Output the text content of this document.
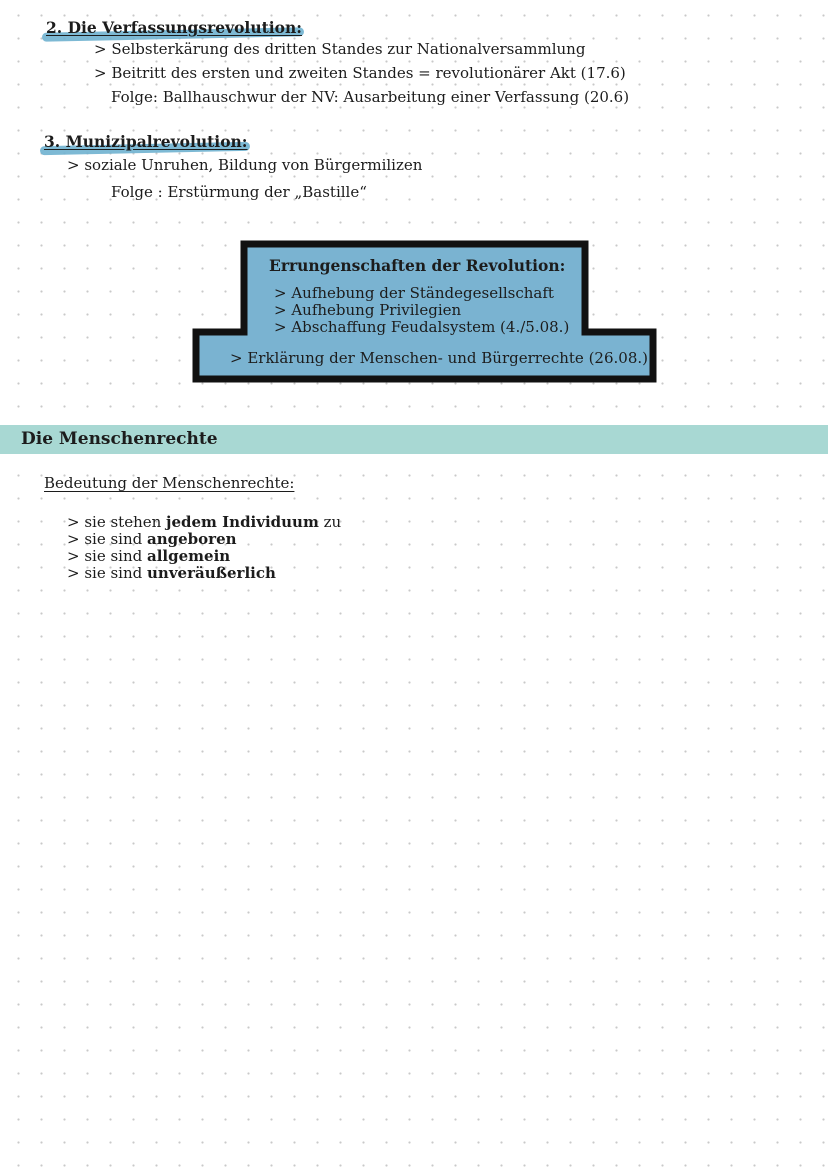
2. Die Verfassungsrevolution:
> Selbsterkärung des dritten Standes zur Nationalversammlung
> Beitritt des ersten und zweiten Standes = revolutionärer Akt (17.6)
Folge: Ballhauschwur der NV: Ausarbeitung einer Verfassung (20.6)
3. Munizipalrevolution:
> soziale Unruhen, Bildung von Bürgermilizen
Folge : Erstürmung der „Bastille“
Errungenschaften der Revolution:
> Aufhebung der Ständegesellschaft
> Aufhebung Privilegien
> Abschaffung Feudalsystem (4./5.08.)
> Erklärung der Menschen- und Bürgerrechte (26.08.)
Die Menschenrechte
Bedeutung der Menschenrechte:
> sie stehen jedem Individuum zu
> sie sind angeboren
> sie sind allgemein
> sie sind unveräußerlich
